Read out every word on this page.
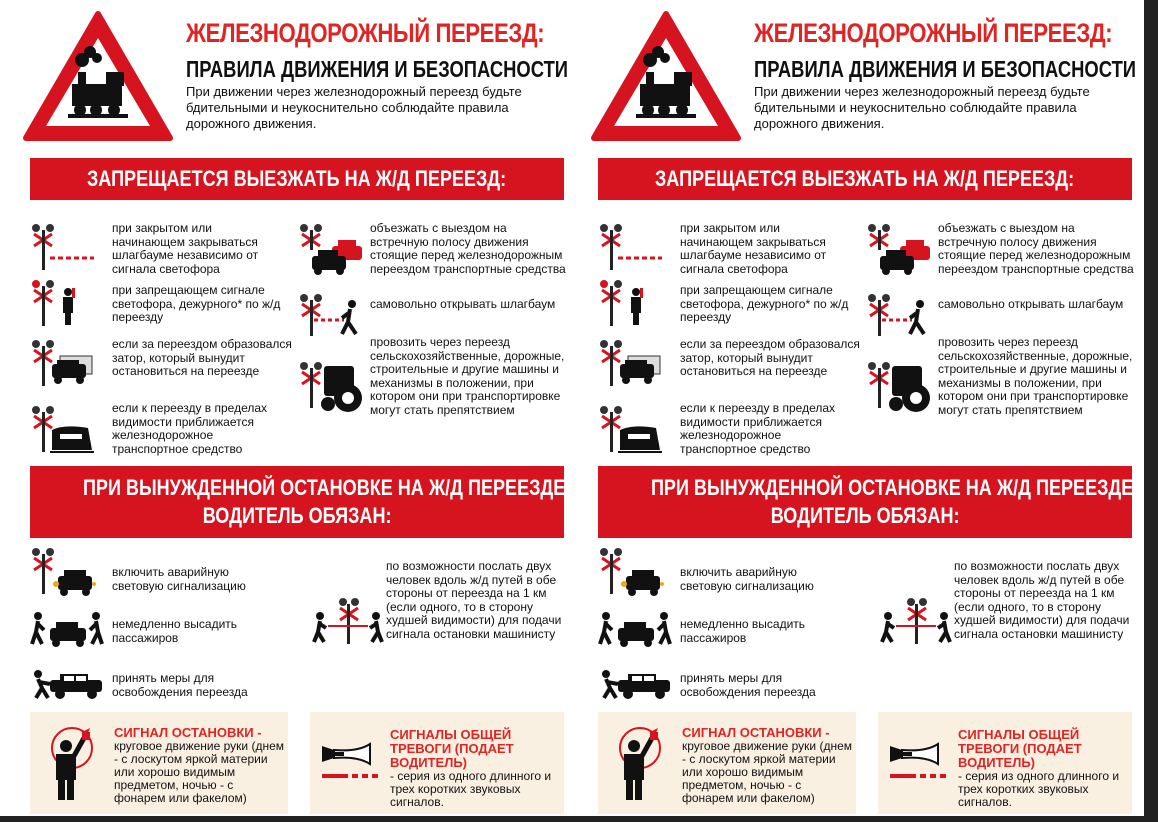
ЖЕЛЕЗНОДОРОЖНЫЙ ПЕРЕЕЗД:
ПРАВИЛА ДВИЖЕНИЯ И БЕЗОПАСНОСТИ
При движении через железнодорожный переезд будьте бдительными и неукоснительно соблюдайте правила дорожного движения.
ЗАПРЕЩАЕТСЯ ВЫЕЗЖАТЬ НА Ж/Д ПЕРЕЕЗД:
при закрытом или начинающем закрываться шлагбауме независимо от сигнала светофора
при запрещающем сигнале светофора, дежурного* по ж/д переезду
если за переездом образовался затор, который вынудит остановиться на переезде
если к переезду в пределах видимости приближается железнодорожное транспортное средство
объезжать с выездом на встречную полосу движения стоящие перед железнодорожным переездом транспортные средства
самовольно открывать шлагбаум
провозить через переезд сельскохозяйственные, дорожные, строительные и другие машины и механизмы в положении, при котором они при транспортировке могут стать препятствием
ПРИ ВЫНУЖДЕННОЙ ОСТАНОВКЕ НА Ж/Д ПЕРЕЕЗДЕ
ВОДИТЕЛЬ ОБЯЗАН:
включить аварийную световую сигнализацию
немедленно высадить пассажиров
принять меры для освобождения переезда
по возможности послать двух человек вдоль ж/д путей в обе стороны от переезда на 1 км (если одного, то в сторону худшей видимости) для подачи сигнала остановки машинисту
СИГНАЛ ОСТАНОВКИ -
круговое движение руки (днем - с лоскутом яркой материи или хорошо видимым предметом, ночью - с фонарем или факелом)
СИГНАЛЫ ОБЩЕЙ ТРЕВОГИ (ПОДАЕТ ВОДИТЕЛЬ)
- серия из одного длинного и трех коротких звуковых сигналов.
ЖЕЛЕЗНОДОРОЖНЫЙ ПЕРЕЕЗД:
ПРАВИЛА ДВИЖЕНИЯ И БЕЗОПАСНОСТИ
При движении через железнодорожный переезд будьте бдительными и неукоснительно соблюдайте правила дорожного движения.
ЗАПРЕЩАЕТСЯ ВЫЕЗЖАТЬ НА Ж/Д ПЕРЕЕЗД:
при закрытом или начинающем закрываться шлагбауме независимо от сигнала светофора
при запрещающем сигнале светофора, дежурного* по ж/д переезду
если за переездом образовался затор, который вынудит остановиться на переезде
если к переезду в пределах видимости приближается железнодорожное транспортное средство
объезжать с выездом на встречную полосу движения стоящие перед железнодорожным переездом транспортные средства
самовольно открывать шлагбаум
провозить через переезд сельскохозяйственные, дорожные, строительные и другие машины и механизмы в положении, при котором они при транспортировке могут стать препятствием
ПРИ ВЫНУЖДЕННОЙ ОСТАНОВКЕ НА Ж/Д ПЕРЕЕЗДЕ
ВОДИТЕЛЬ ОБЯЗАН:
включить аварийную световую сигнализацию
немедленно высадить пассажиров
принять меры для освобождения переезда
по возможности послать двух человек вдоль ж/д путей в обе стороны от переезда на 1 км (если одного, то в сторону худшей видимости) для подачи сигнала остановки машинисту
СИГНАЛ ОСТАНОВКИ -
круговое движение руки (днем - с лоскутом яркой материи или хорошо видимым предметом, ночью - с фонарем или факелом)
СИГНАЛЫ ОБЩЕЙ ТРЕВОГИ (ПОДАЕТ ВОДИТЕЛЬ)
- серия из одного длинного и трех коротких звуковых сигналов.
